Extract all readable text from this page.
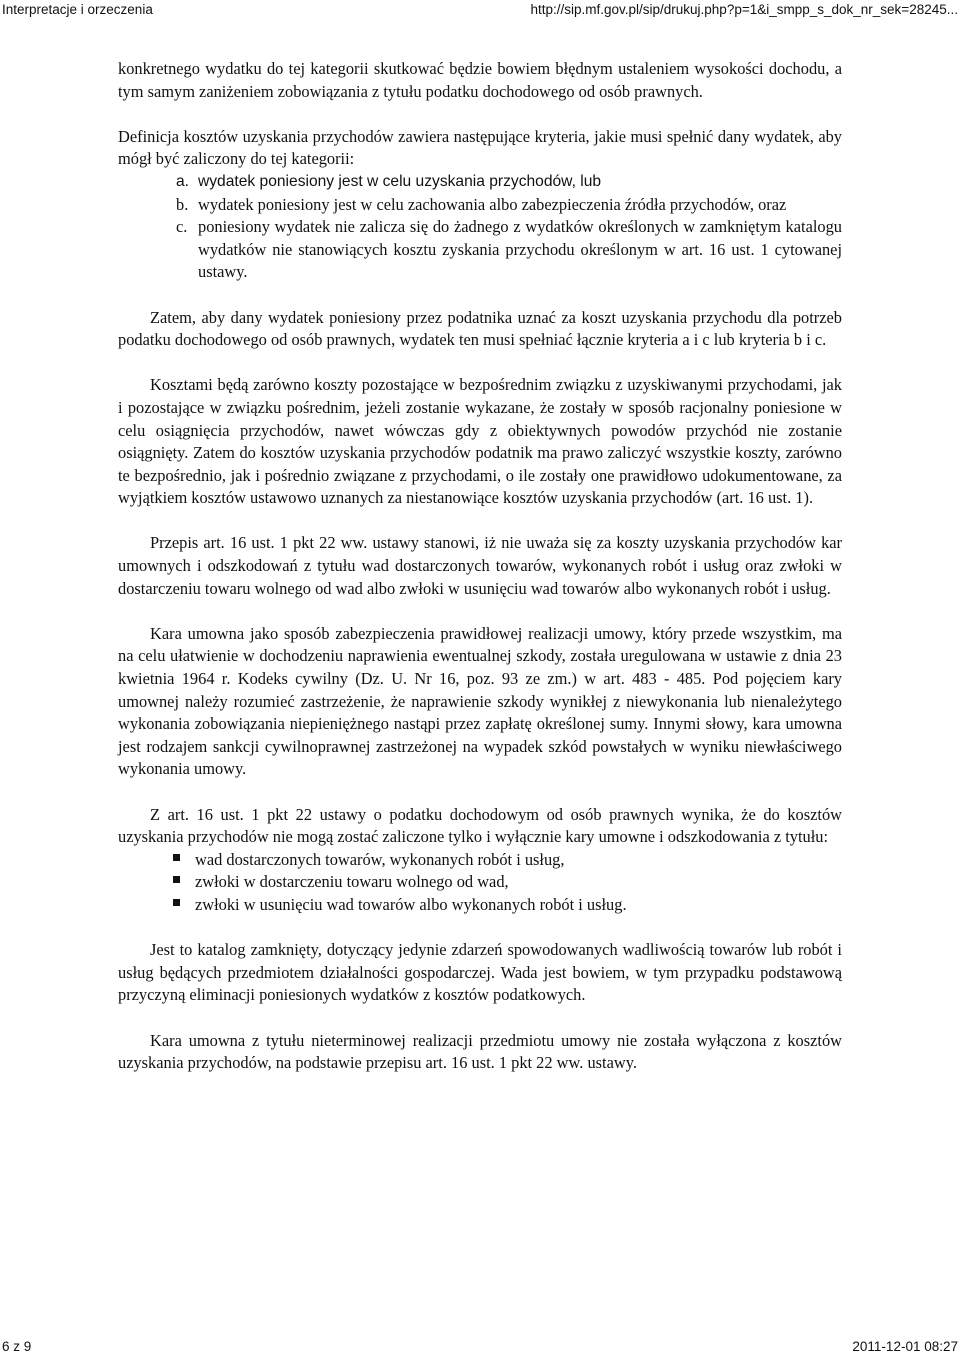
Interpretacje i orzeczenia	http://sip.mf.gov.pl/sip/drukuj.php?p=1&i_smpp_s_dok_nr_sek=28245...

konkretnego wydatku do tej kategorii skutkować będzie bowiem błędnym ustaleniem wysokości dochodu, a tym samym zaniżeniem zobowiązania z tytułu podatku dochodowego od osób prawnych.

Definicja kosztów uzyskania przychodów zawiera następujące kryteria, jakie musi spełnić dany wydatek, aby mógł być zaliczony do tej kategorii:

a. wydatek poniesiony jest w celu uzyskania przychodów, lub
b. wydatek poniesiony jest w celu zachowania albo zabezpieczenia źródła przychodów, oraz
c. poniesiony wydatek nie zalicza się do żadnego z wydatków określonych w zamkniętym katalogu wydatków nie stanowiących kosztu zyskania przychodu określonym w art. 16 ust. 1 cytowanej ustawy.

Zatem, aby dany wydatek poniesiony przez podatnika uznać za koszt uzyskania przychodu dla potrzeb podatku dochodowego od osób prawnych, wydatek ten musi spełniać łącznie kryteria a i c lub kryteria b i c.

Kosztami będą zarówno koszty pozostające w bezpośrednim związku z uzyskiwanymi przychodami, jak i pozostające w związku pośrednim, jeżeli zostanie wykazane, że zostały w sposób racjonalny poniesione w celu osiągnięcia przychodów, nawet wówczas gdy z obiektywnych powodów przychód nie zostanie osiągnięty. Zatem do kosztów uzyskania przychodów podatnik ma prawo zaliczyć wszystkie koszty, zarówno te bezpośrednio, jak i pośrednio związane z przychodami, o ile zostały one prawidłowo udokumentowane, za wyjątkiem kosztów ustawowo uznanych za niestanowiące kosztów uzyskania przychodów (art. 16 ust. 1).

Przepis art. 16 ust. 1 pkt 22 ww. ustawy stanowi, iż nie uważa się za koszty uzyskania przychodów kar umownych i odszkodowań z tytułu wad dostarczonych towarów, wykonanych robót i usług oraz zwłoki w dostarczeniu towaru wolnego od wad albo zwłoki w usunięciu wad towarów albo wykonanych robót i usług.

Kara umowna jako sposób zabezpieczenia prawidłowej realizacji umowy, który przede wszystkim, ma na celu ułatwienie w dochodzeniu naprawienia ewentualnej szkody, została uregulowana w ustawie z dnia 23 kwietnia 1964 r. Kodeks cywilny (Dz. U. Nr 16, poz. 93 ze zm.) w art. 483 - 485. Pod pojęciem kary umownej należy rozumieć zastrzeżenie, że naprawienie szkody wynikłej z niewykonania lub nienależytego wykonania zobowiązania niepieniężnego nastąpi przez zapłatę określonej sumy. Innymi słowy, kara umowna jest rodzajem sankcji cywilnoprawnej zastrzeżonej na wypadek szkód powstałych w wyniku niewłaściwego wykonania umowy.

Z art. 16 ust. 1 pkt 22 ustawy o podatku dochodowym od osób prawnych wynika, że do kosztów uzyskania przychodów nie mogą zostać zaliczone tylko i wyłącznie kary umowne i odszkodowania z tytułu:

wad dostarczonych towarów, wykonanych robót i usług,
zwłoki w dostarczeniu towaru wolnego od wad,
zwłoki w usunięciu wad towarów albo wykonanych robót i usług.

Jest to katalog zamknięty, dotyczący jedynie zdarzeń spowodowanych wadliwością towarów lub robót i usług będących przedmiotem działalności gospodarczej. Wada jest bowiem, w tym przypadku podstawową przyczyną eliminacji poniesionych wydatków z kosztów podatkowych.

Kara umowna z tytułu nieterminowej realizacji przedmiotu umowy nie została wyłączona z kosztów uzyskania przychodów, na podstawie przepisu art. 16 ust. 1 pkt 22 ww. ustawy.

6 z 9	2011-12-01 08:27
